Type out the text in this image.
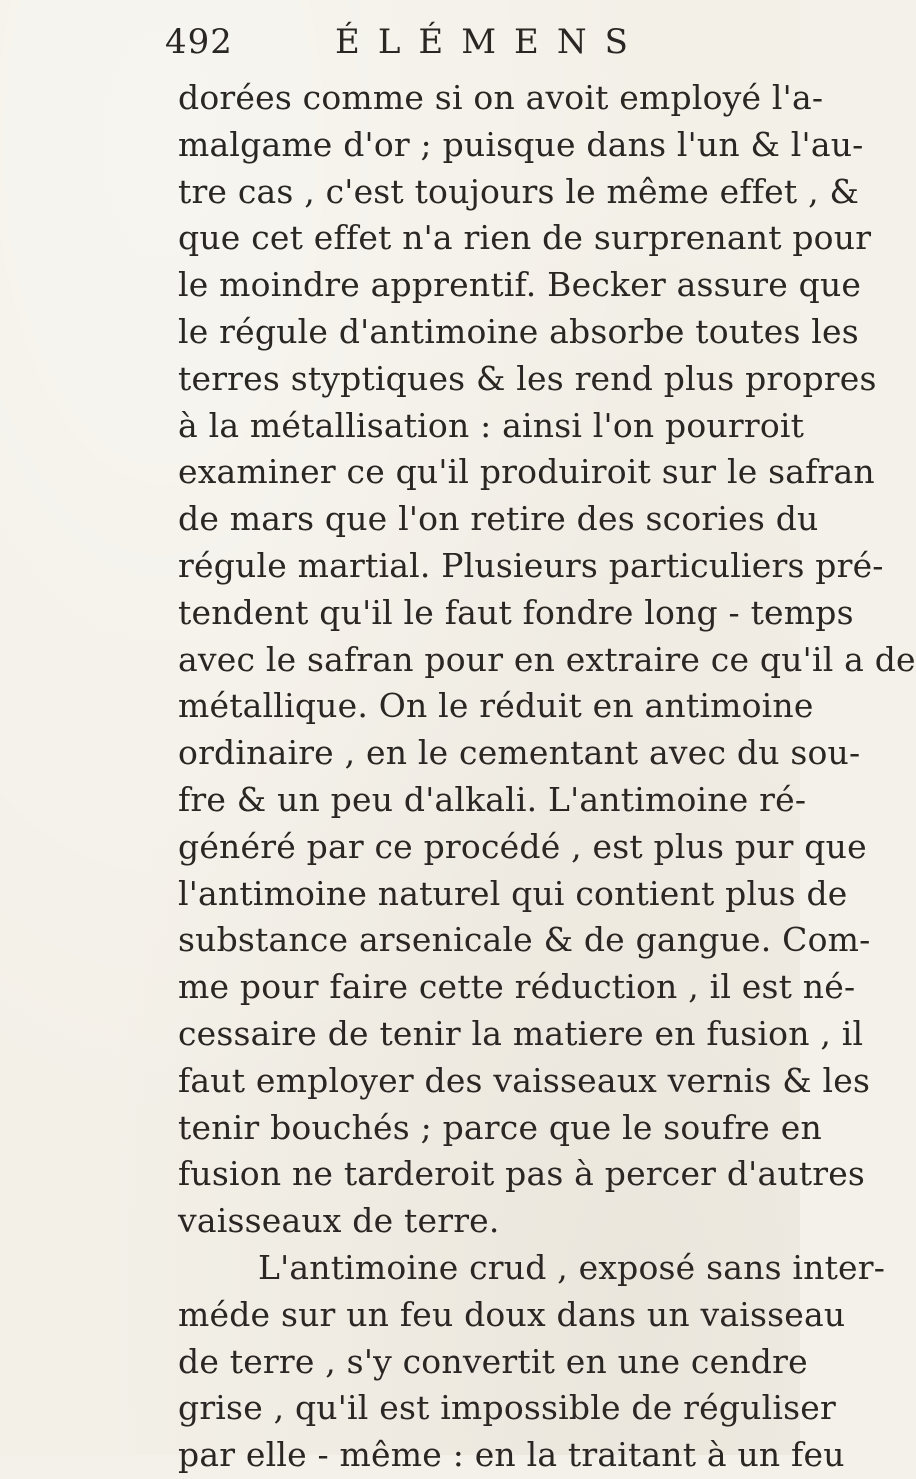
492	ÉLÉMENS
dorées comme si on avoit employé l'a-
malgame d'or ; puisque dans l'un & l'au-
tre cas , c'est toujours le même effet , &
que cet effet n'a rien de surprenant pour
le moindre apprentif. Becker assure que
le régule d'antimoine absorbe toutes les
terres styptiques & les rend plus propres
à la métallisation : ainsi l'on pourroit
examiner ce qu'il produiroit sur le safran
de mars que l'on retire des scories du
régule martial. Plusieurs particuliers pré-
tendent qu'il le faut fondre long - temps
avec le safran pour en extraire ce qu'il a de
métallique. On le réduit en antimoine
ordinaire , en le cementant avec du sou-
fre & un peu d'alkali. L'antimoine ré-
généré par ce procédé , est plus pur que
l'antimoine naturel qui contient plus de
substance arsenicale & de gangue. Com-
me pour faire cette réduction , il est né-
cessaire de tenir la matiere en fusion , il
faut employer des vaisseaux vernis & les
tenir bouchés ; parce que le soufre en
fusion ne tarderoit pas à percer d'autres
vaisseaux de terre.
L'antimoine crud , exposé sans inter-
méde sur un feu doux dans un vaisseau
de terre , s'y convertit en une cendre
grise , qu'il est impossible de réguliser
par elle - même : en la traitant à un feu
